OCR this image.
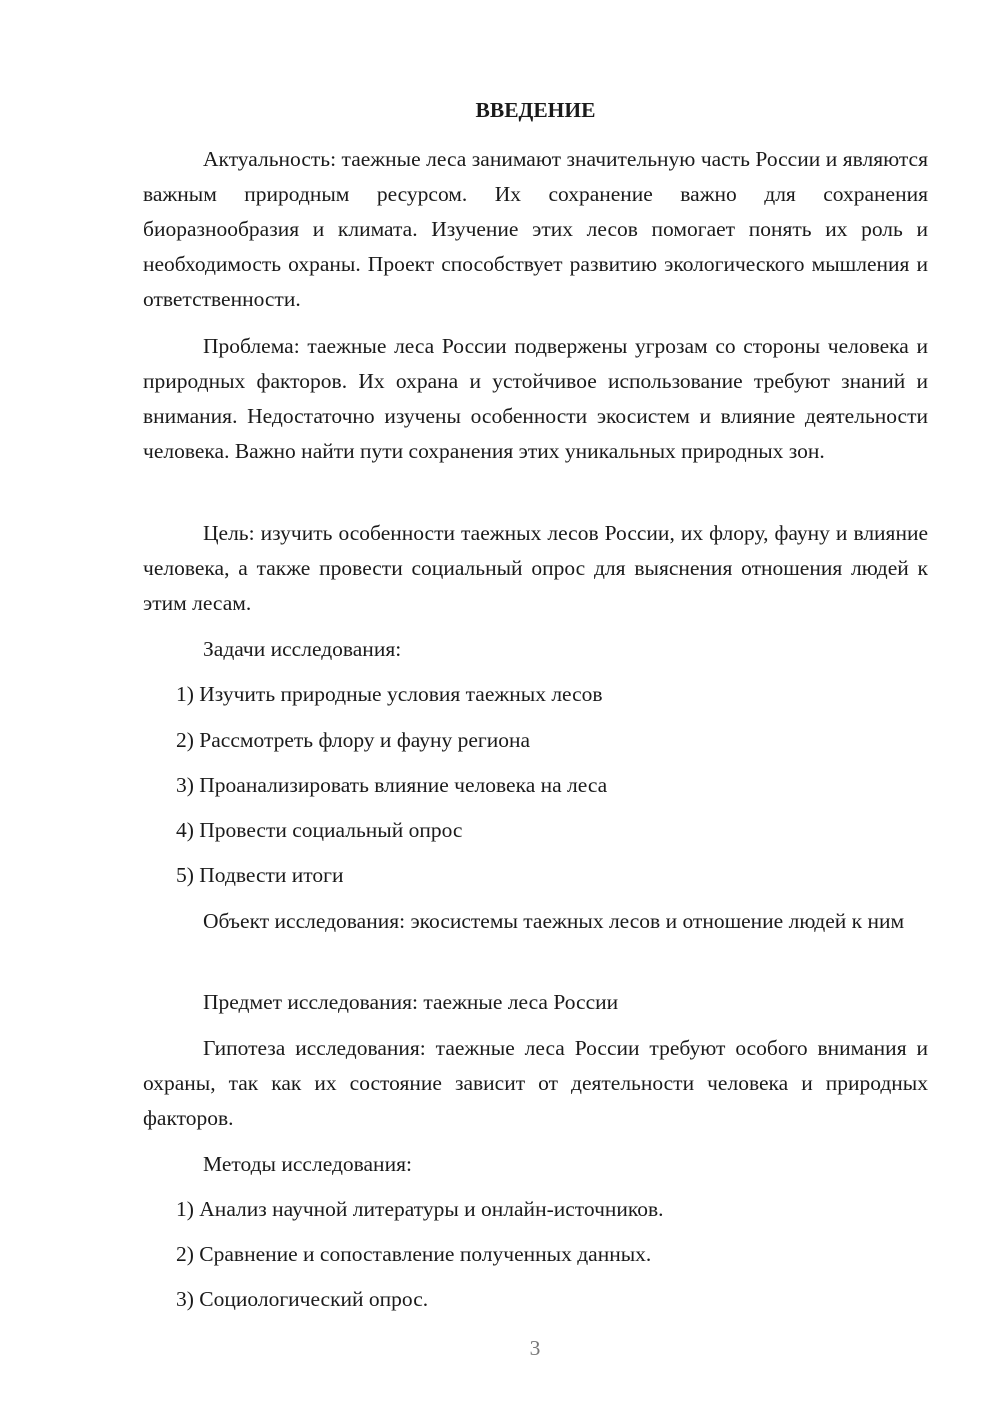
ВВЕДЕНИЕ

Актуальность: таежные леса занимают значительную часть России и являются важным природным ресурсом. Их сохранение важно для сохранения биоразнообразия и климата. Изучение этих лесов помогает понять их роль и необходимость охраны. Проект способствует развитию экологического мышления и ответственности.

Проблема: таежные леса России подвержены угрозам со стороны человека и природных факторов. Их охрана и устойчивое использование требуют знаний и внимания. Недостаточно изучены особенности экосистем и влияние деятельности человека. Важно найти пути сохранения этих уникальных природных зон.

Цель: изучить особенности таежных лесов России, их флору, фауну и влияние человека, а также провести социальный опрос для выяснения отношения людей к этим лесам.

Задачи исследования:

1) Изучить природные условия таежных лесов

2) Рассмотреть флору и фауну региона

3) Проанализировать влияние человека на леса

4) Провести социальный опрос

5) Подвести итоги

Объект исследования: экосистемы таежных лесов и отношение людей к ним

Предмет исследования: таежные леса России

Гипотеза исследования: таежные леса России требуют особого внимания и охраны, так как их состояние зависит от деятельности человека и природных факторов.

Методы исследования:

1) Анализ научной литературы и онлайн-источников.

2) Сравнение и сопоставление полученных данных.

3) Социологический опрос.

3
